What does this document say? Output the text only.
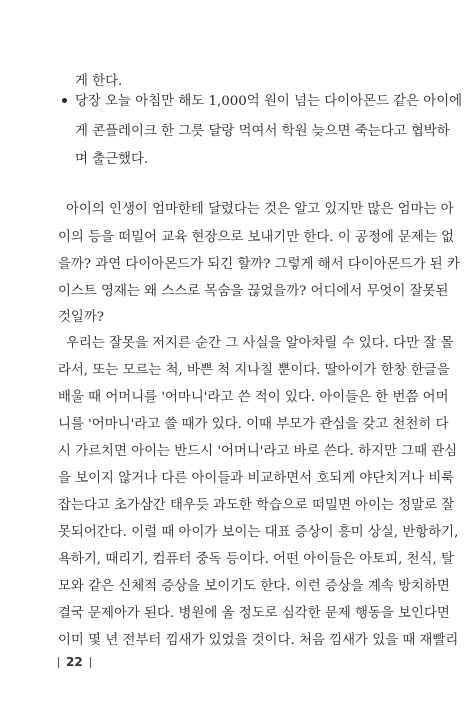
게 한다.

당장 오늘 아침만 해도 1,000억 원이 넘는 다이아몬드 같은 아이에

게 콘플레이크 한 그릇 달랑 먹여서 학원 늦으면 죽는다고 협박하

며 출근했다.

아이의 인생이 엄마한테 달렸다는 것은 알고 있지만 많은 엄마는 아

이의 등을 떠밀어 교육 현장으로 보내기만 한다. 이 공정에 문제는 없

을까? 과연 다이아몬드가 되긴 할까? 그렇게 해서 다이아몬드가 된 카

이스트 영재는 왜 스스로 목숨을 끊었을까? 어디에서 무엇이 잘못된

것일까?

우리는 잘못을 저지른 순간 그 사실을 알아차릴 수 있다. 다만 잘 몰

라서, 또는 모르는 척, 바쁜 척 지나칠 뿐이다. 딸아이가 한창 한글을

배울 때 어머니를 '어마니'라고 쓴 적이 있다. 아이들은 한 번쯤 어머

니를 '어마니'라고 쓸 때가 있다. 이때 부모가 관심을 갖고 천천히 다

시 가르치면 아이는 반드시 '어머니'라고 바로 쓴다. 하지만 그때 관심

을 보이지 않거나 다른 아이들과 비교하면서 호되게 야단치거나 비룩

잡는다고 초가삼간 태우듯 과도한 학습으로 떠밀면 아이는 정말로 잘

못되어간다. 이럴 때 아이가 보이는 대표 증상이 흥미 상실, 반항하기,

욕하기, 때리기, 컴퓨터 중독 등이다. 어떤 아이들은 아토피, 천식, 탈

모와 같은 신체적 증상을 보이기도 한다. 이런 증상을 계속 방치하면

결국 문제아가 된다. 병원에 올 정도로 심각한 문제 행동을 보인다면

이미 몇 년 전부터 낌새가 있었을 것이다. 처음 낌새가 있을 때 재빨리

22
